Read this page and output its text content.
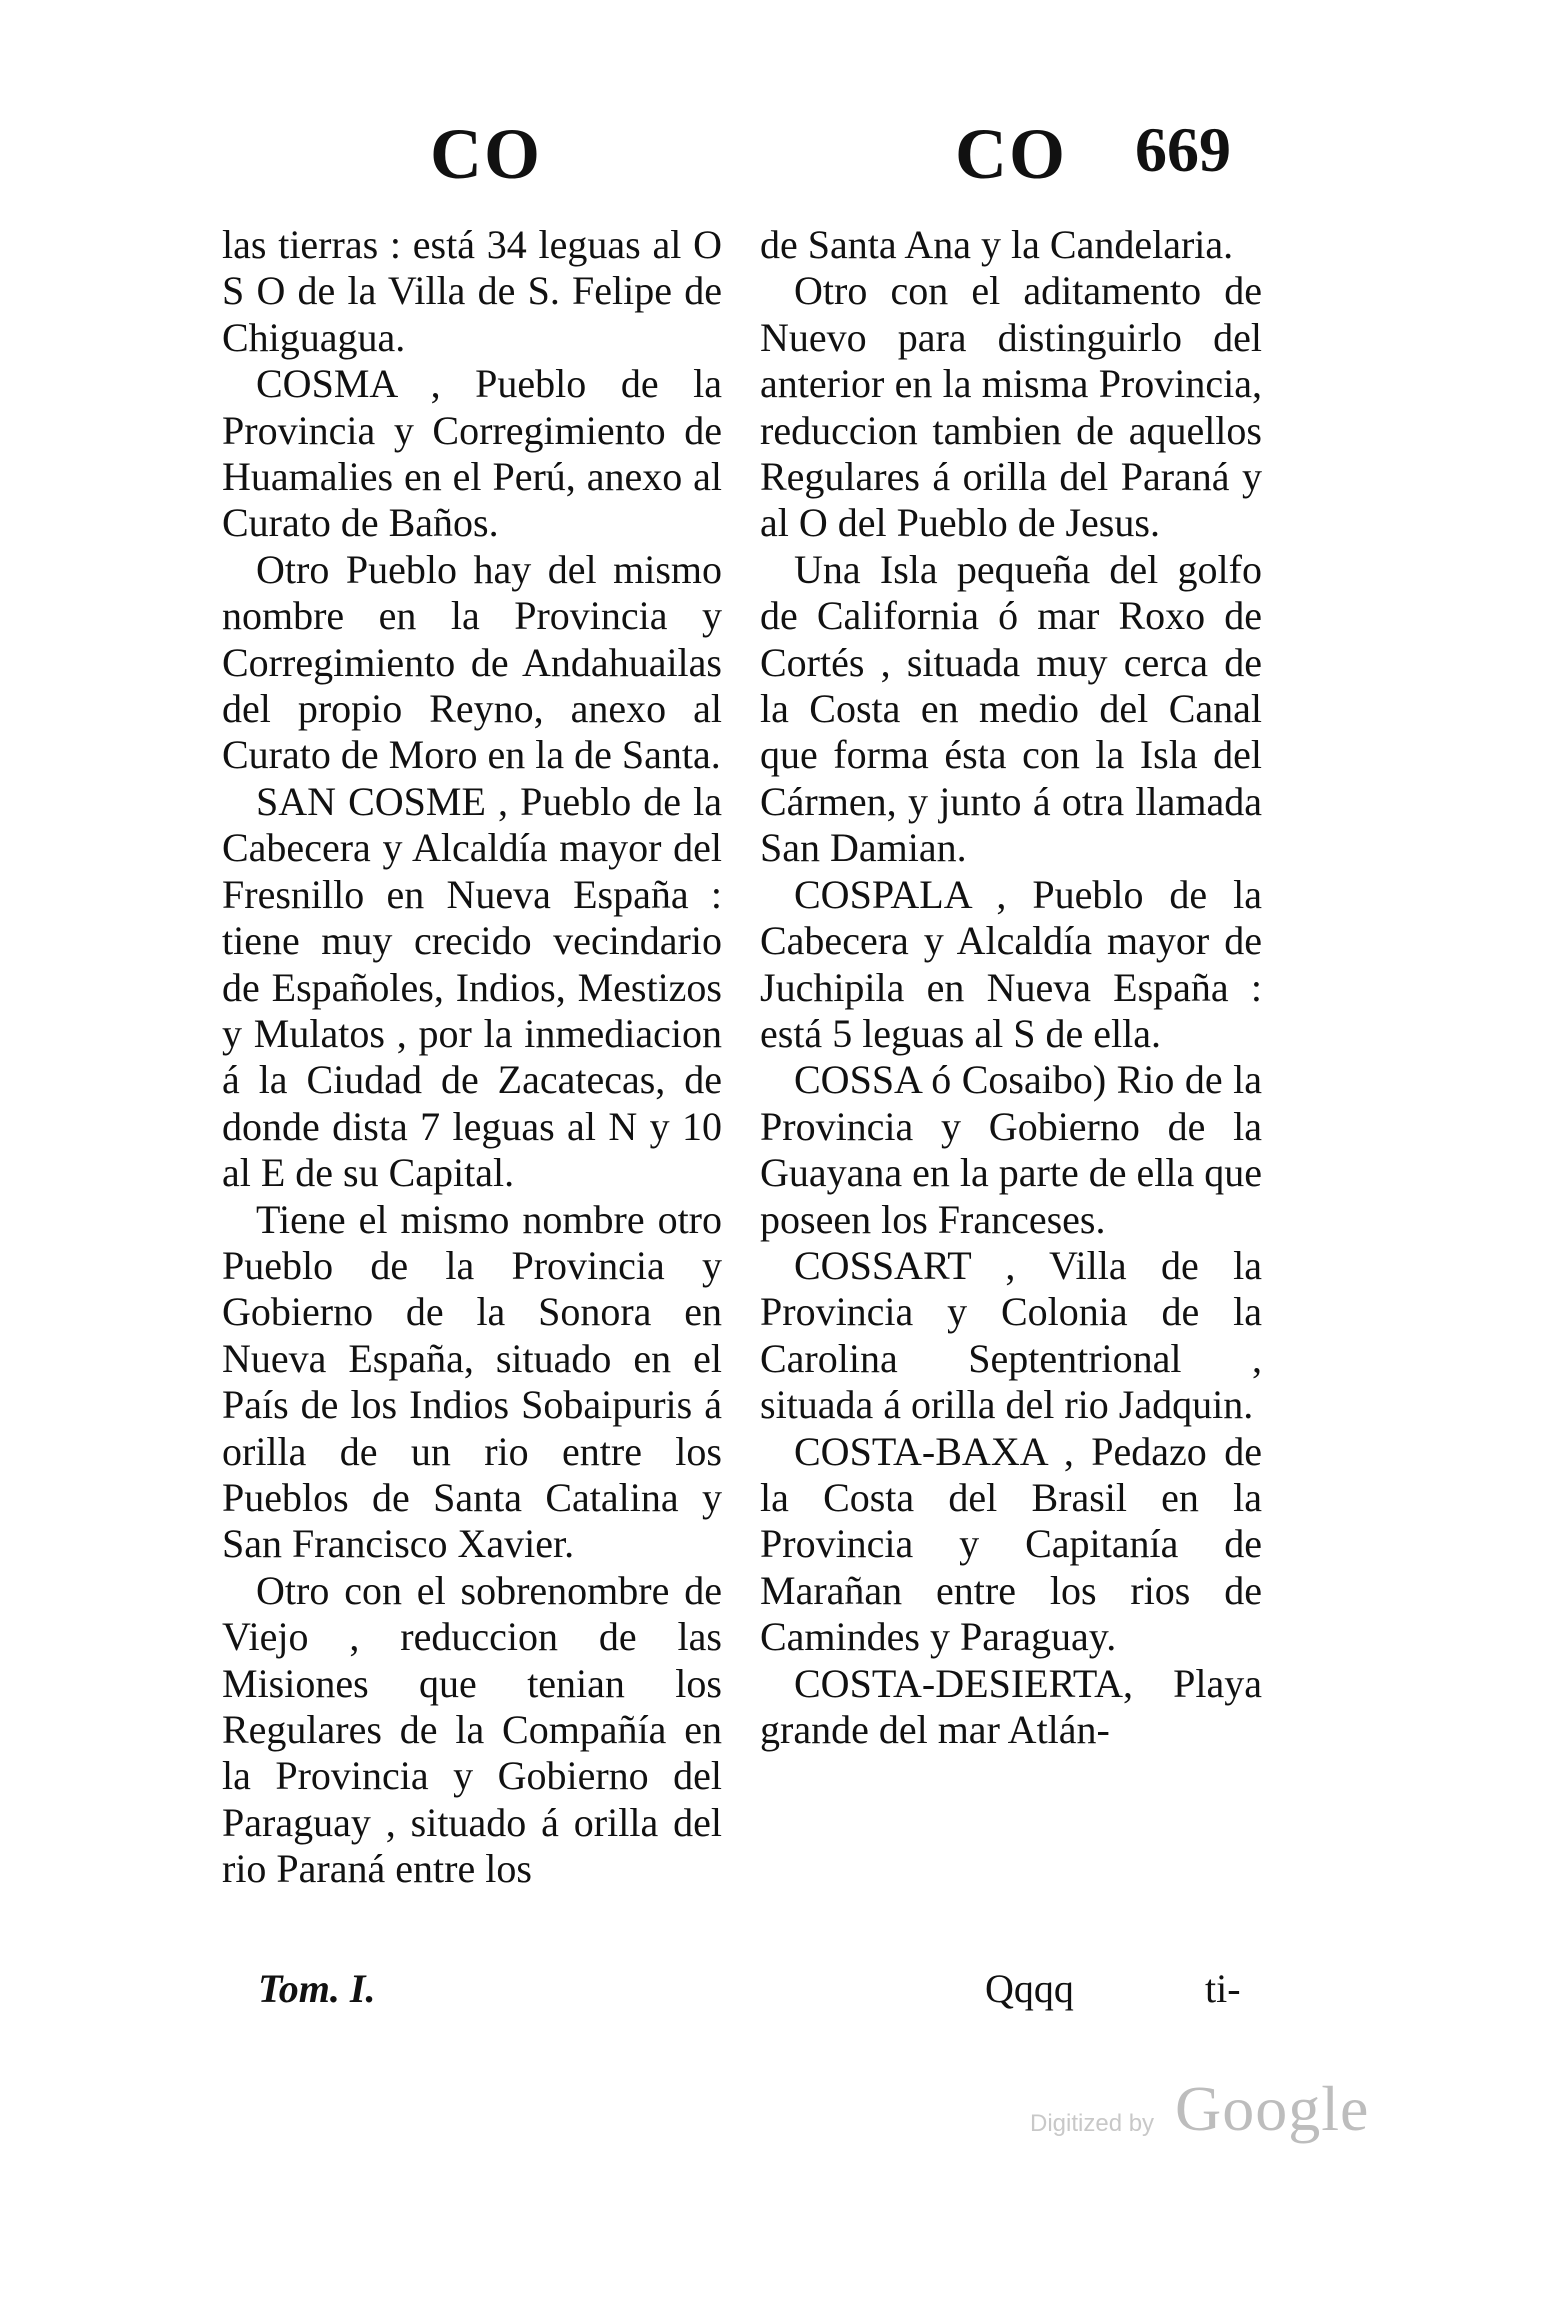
CO	CO 669

las tierras : está 34 leguas al O S O de la Villa de S. Felipe de Chiguagua.

COSMA , Pueblo de la Provincia y Corregimiento de Huamalies en el Perú, anexo al Curato de Baños.

Otro Pueblo hay del mismo nombre en la Provincia y Corregimiento de Andahuailas del propio Reyno, anexo al Curato de Moro en la de Santa.

SAN COSME , Pueblo de la Cabecera y Alcaldía mayor del Fresnillo en Nueva España : tiene muy crecido vecindario de Españoles, Indios, Mestizos y Mulatos , por la inmediacion á la Ciudad de Zacatecas, de donde dista 7 leguas al N y 10 al E de su Capital.

Tiene el mismo nombre otro Pueblo de la Provincia y Gobierno de la Sonora en Nueva España, situado en el País de los Indios Sobaipuris á orilla de un rio entre los Pueblos de Santa Catalina y San Francisco Xavier.

Otro con el sobrenombre de Viejo , reduccion de las Misiones que tenian los Regulares de la Compañía en la Provincia y Gobierno del Paraguay , situado á orilla del rio Paraná entre los

de Santa Ana y la Candelaria.

Otro con el aditamento de Nuevo para distinguirlo del anterior en la misma Provincia, reduccion tambien de aquellos Regulares á orilla del Paraná y al O del Pueblo de Jesus.

Una Isla pequeña del golfo de California ó mar Roxo de Cortés , situada muy cerca de la Costa en medio del Canal que forma ésta con la Isla del Cármen, y junto á otra llamada San Damian.

COSPALA , Pueblo de la Cabecera y Alcaldía mayor de Juchipila en Nueva España : está 5 leguas al S de ella.

COSSA ó Cosaibo) Rio de la Provincia y Gobierno de la Guayana en la parte de ella que poseen los Franceses.

COSSART , Villa de la Provincia y Colonia de la Carolina Septentrional , situada á orilla del rio Jadquin.

COSTA-BAXA , Pedazo de la Costa del Brasil en la Provincia y Capitanía de Marañan entre los rios de Camindes y Paraguay.

COSTA-DESIERTA, Playa grande del mar Atlán-

Tom. I.	Qqqq	ti-
Digitized by Google
